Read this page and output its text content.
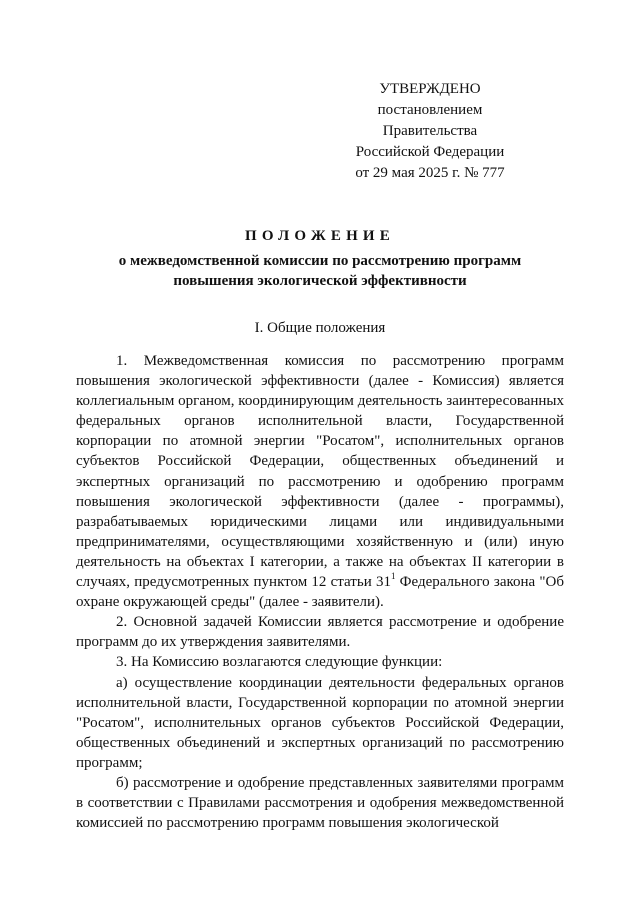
УТВЕРЖДЕНО
постановлением Правительства
Российской Федерации
от 29 мая 2025 г. № 777
ПОЛОЖЕНИЕ
о межведомственной комиссии по рассмотрению программ
повышения экологической эффективности
I. Общие положения

1. Межведомственная комиссия по рассмотрению программ повышения экологической эффективности (далее - Комиссия) является коллегиальным органом, координирующим деятельность заинтересованных федеральных органов исполнительной власти, Государственной корпорации по атомной энергии "Росатом", исполнительных органов субъектов Российской Федерации, общественных объединений и экспертных организаций по рассмотрению и одобрению программ повышения экологической эффективности (далее - программы), разрабатываемых юридическими лицами или индивидуальными предпринимателями, осуществляющими хозяйственную и (или) иную деятельность на объектах I категории, а также на объектах II категории в случаях, предусмотренных пунктом 12 статьи 31$^1$ Федерального закона "Об охране окружающей среды" (далее - заявители).

2. Основной задачей Комиссии является рассмотрение и одобрение программ до их утверждения заявителями.

3. На Комиссию возлагаются следующие функции:

а) осуществление координации деятельности федеральных органов исполнительной власти, Государственной корпорации по атомной энергии "Росатом", исполнительных органов субъектов Российской Федерации, общественных объединений и экспертных организаций по рассмотрению программ;

б) рассмотрение и одобрение представленных заявителями программ в соответствии с Правилами рассмотрения и одобрения межведомственной комиссией по рассмотрению программ повышения экологической
